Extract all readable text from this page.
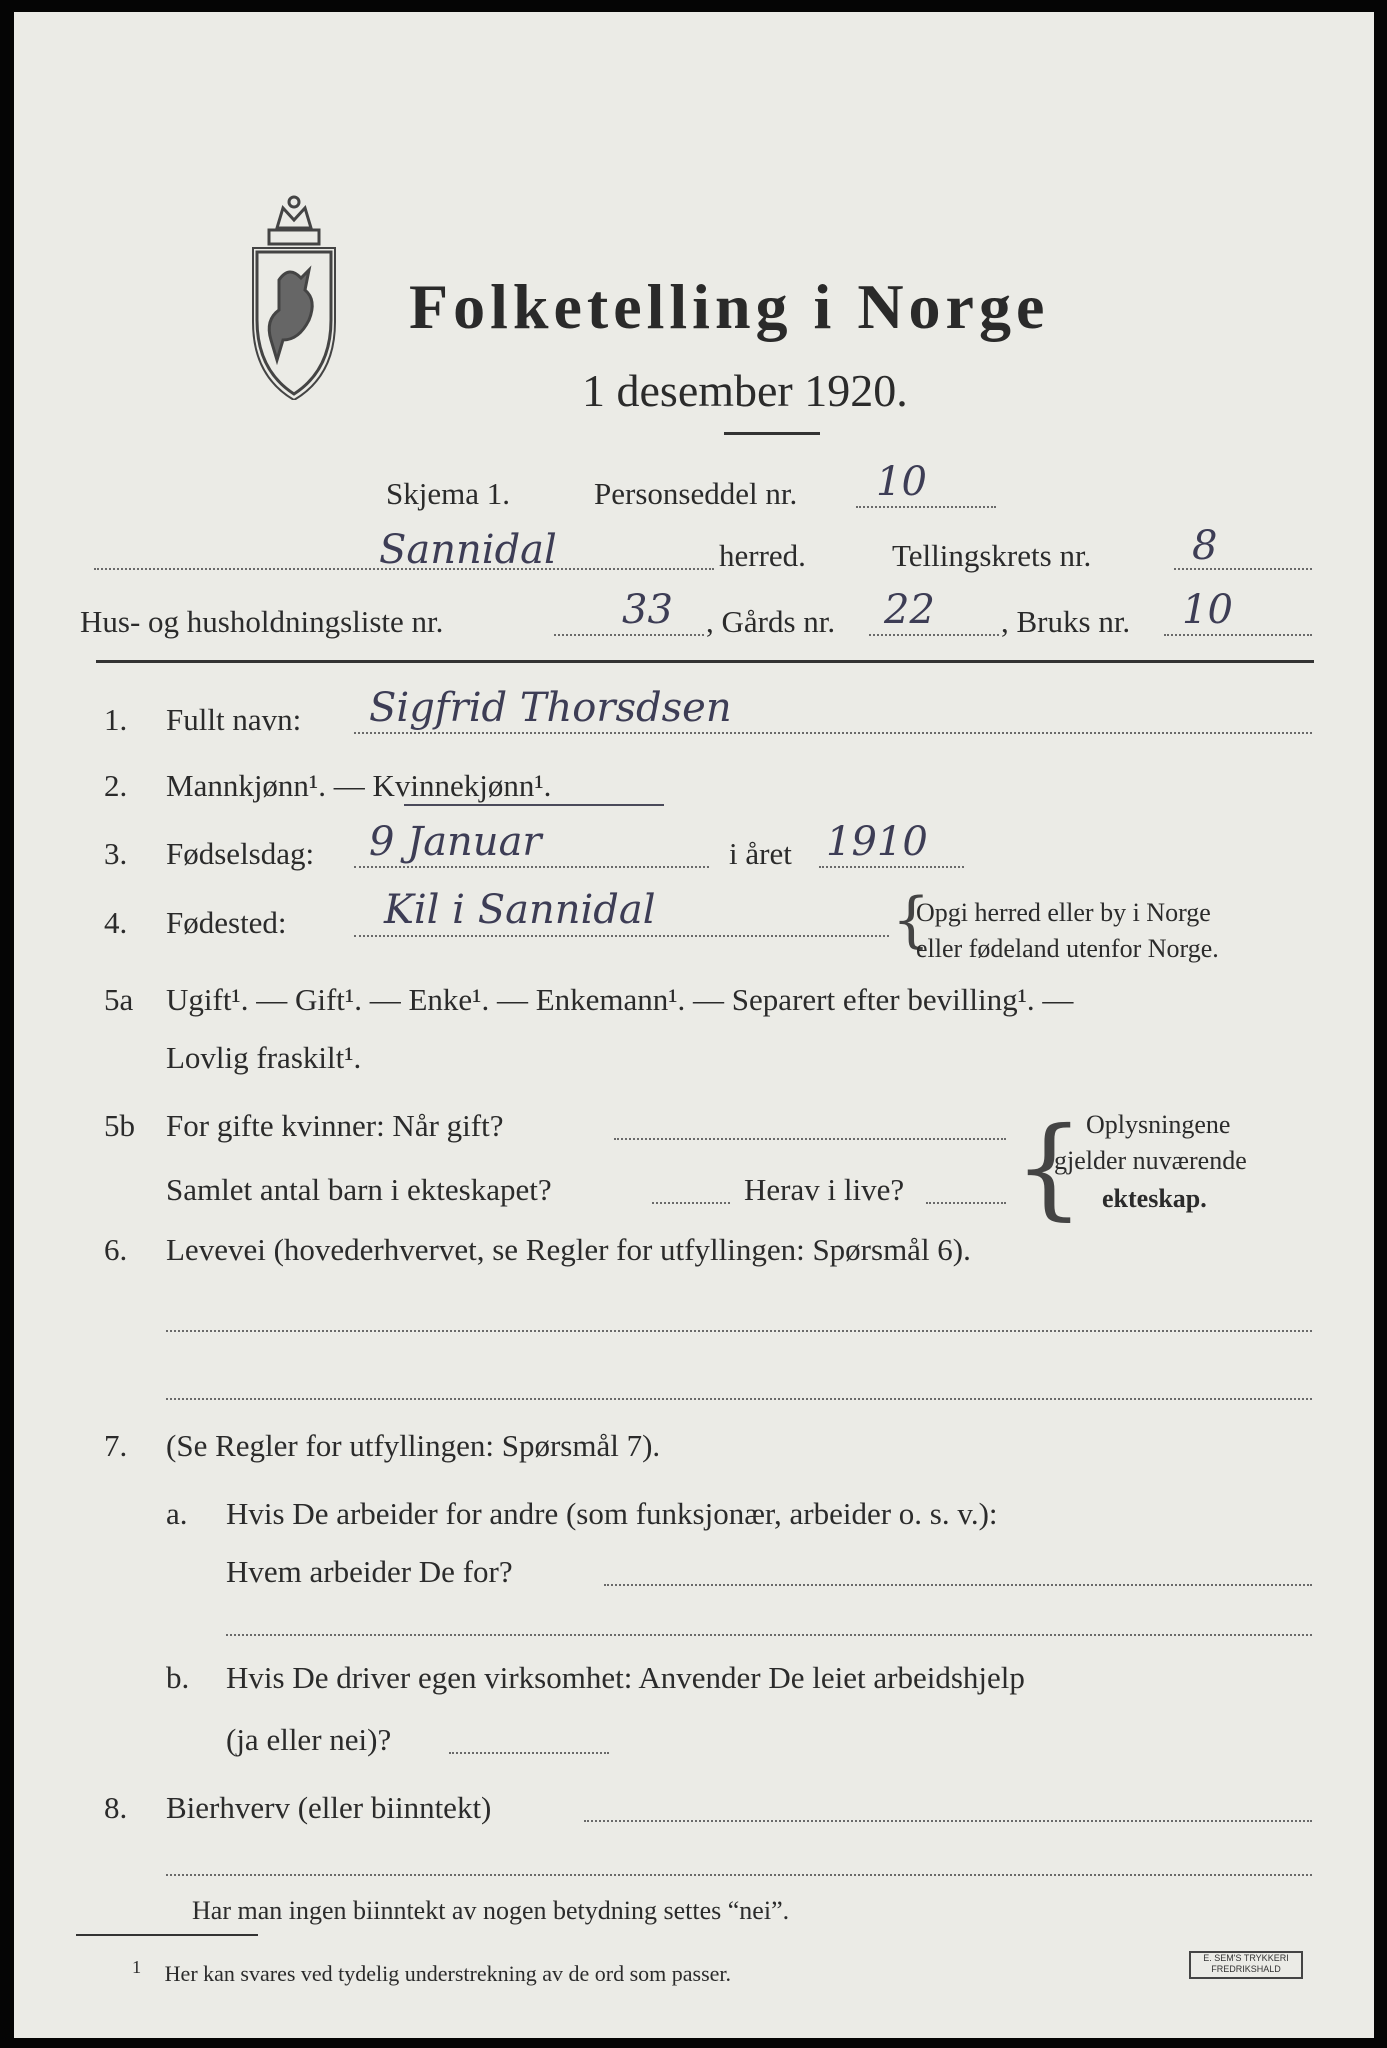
Folketelling i Norge
1 desember 1920.
Skjema 1.	Personseddel nr. 10
Sannidal	herred.	Tellingskrets nr.	8
Hus- og husholdningsliste nr.	33 , Gårds nr. 22 , Bruks nr. 10
1. Fullt navn: Sigfrid Thorsdsen
2. Mannkjønn¹. — Kvinnekjønn¹.
3. Fødselsdag: 9 Januar	i året 1910
4. Fødested: Kil i Sannidal	{
Opgi herred eller by i Norge
eller fødeland utenfor Norge.
5a Ugift¹. — Gift¹. — Enke¹. — Enkemann¹. — Separert efter bevilling¹. —
Lovlig fraskilt¹.
5b For gifte kvinner: Når gift?
Samlet antal barn i ekteskapet?	Herav i live? { Oplysningene
gjelder nuværende
ekteskap.
6. Levevei (hovederhvervet, se Regler for utfyllingen: Spørsmål 6).
7. (Se Regler for utfyllingen: Spørsmål 7).
a. Hvis De arbeider for andre (som funksjonær, arbeider o. s. v.):
Hvem arbeider De for?
b. Hvis De driver egen virksomhet: Anvender De leiet arbeidshjelp
(ja eller nei)?
8. Bierhverv (eller biinntekt)
Har man ingen biinntekt av nogen betydning settes “nei”.
$^1$ Her kan svares ved tydelig understrekning av de ord som passer.
E. SEM'S TRYKKERI
FREDRIKSHALD
